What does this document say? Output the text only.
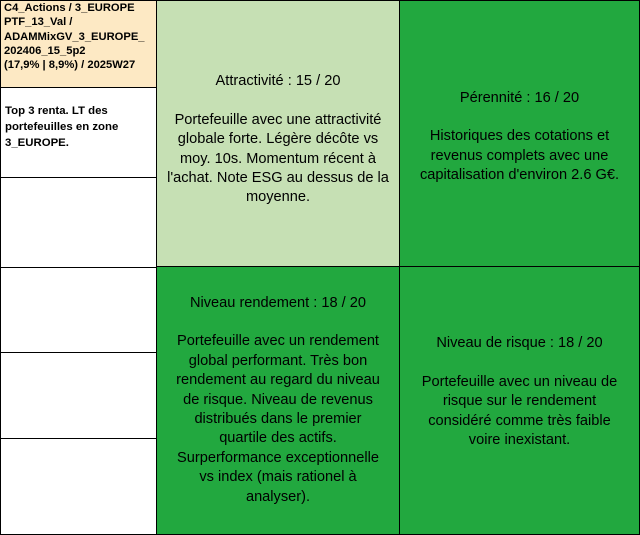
C4_Actions / 3_EUROPE
PTF_13_Val /
ADAMMixGV_3_EUROPE_
202406_15_5p2
(17,9% | 8,9%) / 2025W27
Top 3 renta. LT des portefeuilles en zone 3_EUROPE.
Attractivité : 15 / 20
Portefeuille avec une attractivité
globale forte. Légère décôte vs
moy. 10s. Momentum récent à
l'achat. Note ESG au dessus de la
moyenne.
Pérennité : 16 / 20
Historiques des cotations et
revenus complets avec une
capitalisation d'environ 2.6 G€.
Niveau rendement : 18 / 20
Portefeuille avec un rendement
global performant. Très bon
rendement au regard du niveau
de risque. Niveau de revenus
distribués dans le premier
quartile des actifs.
Surperformance exceptionnelle
vs index (mais rationel à
analyser).
Niveau de risque : 18 / 20
Portefeuille avec un niveau de
risque sur le rendement
considéré comme très faible
voire inexistant.
